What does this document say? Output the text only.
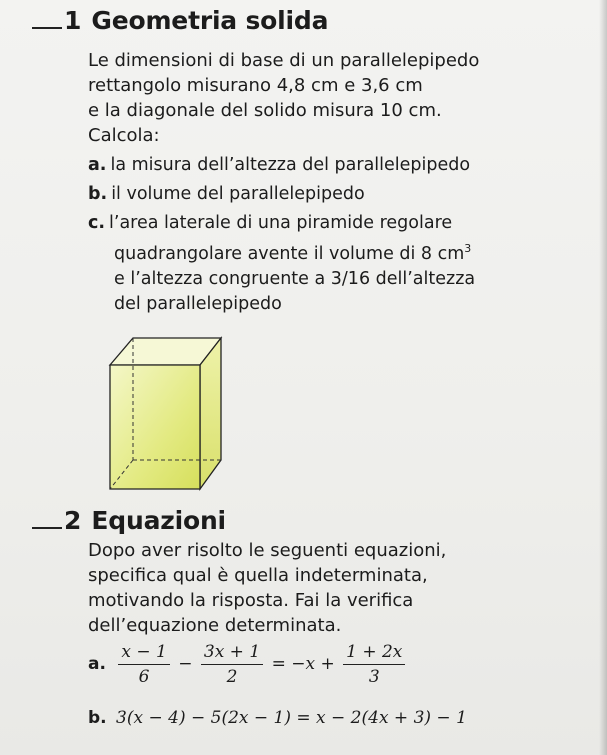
1 Geometria solida
Le dimensioni di base di un parallelepipedo
rettangolo misurano 4,8 cm e 3,6 cm
e la diagonale del solido misura 10 cm.
Calcola:
a. la misura dell’altezza del parallelepipedo
b. il volume del parallelepipedo
c. l’area laterale di una piramide regolare
quadrangolare avente il volume di 8 $cm^3$
e l’altezza congruente a 3/16 dell’altezza
del parallelepipedo
2 Equazioni
Dopo aver risolto le seguenti equazioni,
specifica qual è quella indeterminata,
motivando la risposta. Fai la verifica
dell’equazione determinata.
a. $\frac{x - 1}{6} - \frac{3x + 1}{2} = -x + \frac{1 + 2x}{3}$
b. 3(x − 4) − 5(2x − 1) = x − 2(4x + 3) − 1
